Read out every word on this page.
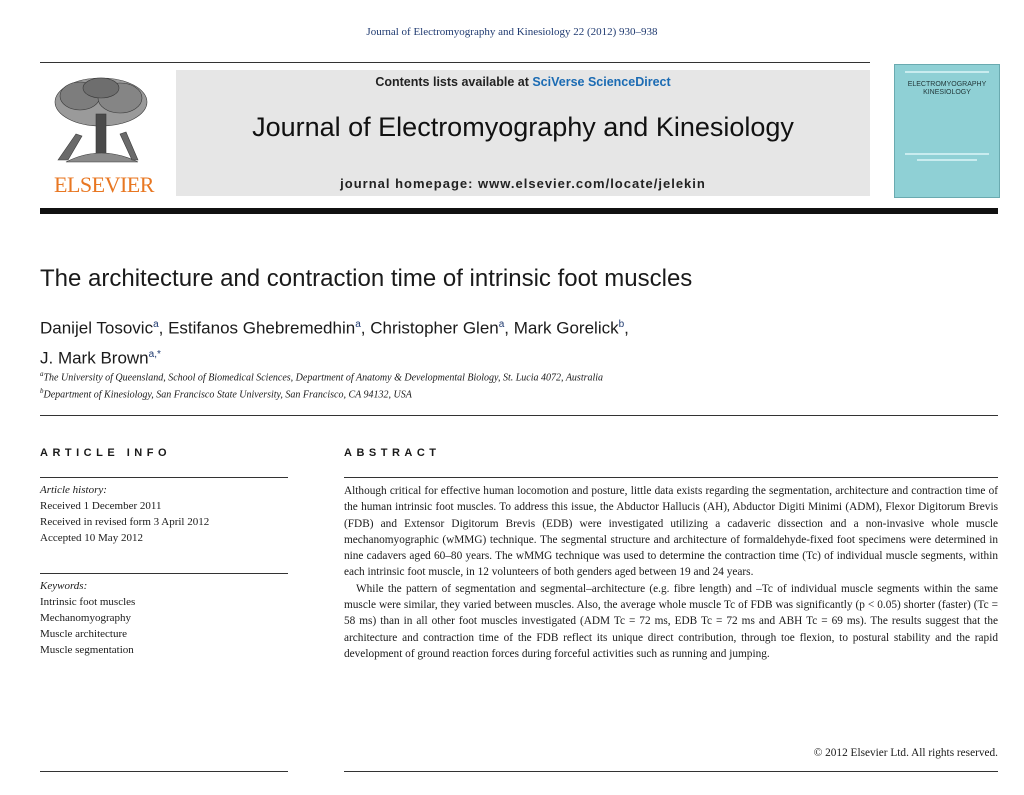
Journal of Electromyography and Kinesiology 22 (2012) 930–938
ELSEVIER
Contents lists available at SciVerse ScienceDirect
Journal of Electromyography and Kinesiology
journal homepage: www.elsevier.com/locate/jelekin
ELECTROMYOGRAPHY
KINESIOLOGY
The architecture and contraction time of intrinsic foot muscles
Danijel Tosovic$^a$, Estifanos Ghebremedhin$^a$, Christopher Glen$^a$, Mark Gorelick$^b$,
J. Mark Brown$^{a,*}$
$^a$The University of Queensland, School of Biomedical Sciences, Department of Anatomy & Developmental Biology, St. Lucia 4072, Australia
$^b$Department of Kinesiology, San Francisco State University, San Francisco, CA 94132, USA
ARTICLE INFO
Article history:
Received 1 December 2011
Received in revised form 3 April 2012
Accepted 10 May 2012
Keywords:
Intrinsic foot muscles
Mechanomyography
Muscle architecture
Muscle segmentation
ABSTRACT

Although critical for effective human locomotion and posture, little data exists regarding the segmentation, architecture and contraction time of the human intrinsic foot muscles. To address this issue, the Abductor Hallucis (AH), Abductor Digiti Minimi (ADM), Flexor Digitorum Brevis (FDB) and Extensor Digitorum Brevis (EDB) were investigated utilizing a cadaveric dissection and a non-invasive whole muscle mechanomyographic (wMMG) technique. The segmental structure and architecture of formaldehyde-fixed foot specimens were determined in nine cadavers aged 60–80 years. The wMMG technique was used to determine the contraction time (Tc) of individual muscle segments, within each intrinsic foot muscle, in 12 volunteers of both genders aged between 19 and 24 years.

While the pattern of segmentation and segmental–architecture (e.g. fibre length) and –Tc of individual muscle segments within the same muscle were similar, they varied between muscles. Also, the average whole muscle Tc of FDB was significantly (p < 0.05) shorter (faster) (Tc = 58 ms) than in all other foot muscles investigated (ADM Tc = 72 ms, EDB Tc = 72 ms and ABH Tc = 69 ms). The results suggest that the architecture and contraction time of the FDB reflect its unique direct contribution, through toe flexion, to postural stability and the rapid development of ground reaction forces during forceful activities such as running and jumping.

© 2012 Elsevier Ltd. All rights reserved.
